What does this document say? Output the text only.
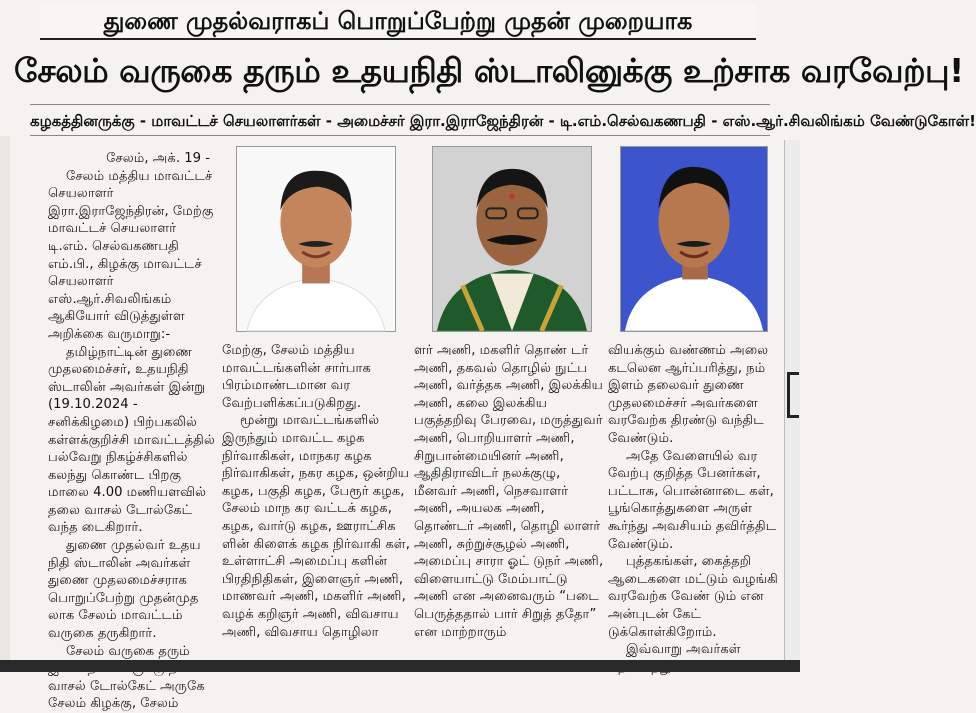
துணை முதல்வராகப் பொறுப்பேற்று முதன் முறையாக
சேலம் வருகை தரும் உதயநிதி ஸ்டாலினுக்கு உற்சாக வரவேற்பு!
கழகத்தினருக்கு - மாவட்டச் செயலாளர்கள் - அமைச்சர் இரா.இராஜேந்திரன் - டி.எம்.செல்வகணபதி - எஸ்.ஆர்.சிவலிங்கம் வேண்டுகோள்!

சேலம், அக். 19 -

சேலம் மத்திய மாவட்டச் செயலாளர் இரா.இராஜேந்திரன், மேற்கு மாவட்டச் செயலாளர் டி.எம். செல்வகணபதி எம்.பி., கிழக்கு மாவட்டச் செயலாளர் எஸ்.ஆர்.சிவலிங்கம் ஆகியோர் விடுத்துள்ள அறிக்கை வருமாறு:-

தமிழ்நாட்டின் துணை முதலமைச்சர், உதயநிதி ஸ்டாலின் அவர்கள் இன்று (19.10.2024 - சனிக்கிழமை) பிற்பகலில் கள்ளக்குறிச்சி மாவட்டத்தில் பல்வேறு நிகழ்ச்சிகளில் கலந்து கொண்ட பிறகு மாலை 4.00 மணியளவில் தலை வாசல் டோல்கேட் வந்த டைகிறார்.

துணை முதல்வர் உதய நிதி ஸ்டாலின் அவர்கள் துணை முதலமைச்சராக பொறுப்பேற்று முதன்முத லாக சேலம் மாவட்டம் வருகை தருகிறார்.

சேலம் வருகை தரும் வாசல் டோல்கேட் அருகே சேலம் கிழக்கு, சேலம்

மேற்கு, சேலம் மத்திய மாவட்டங்களின் சார்பாக பிரம்மாண்டமான வர வேற்பளிக்கப்படுகிறது.

மூன்று மாவட்டங்களில் இருந்தும் மாவட்ட கழக நிர்வாகிகள், மாநகர கழக நிர்வாகிகள், நகர கழக, ஒன்றிய கழக, பகுதி கழக, பேரூர் கழக, சேலம் மாந கர வட்டக் கழக, கழக, வார்டு கழக, ஊராட்சிக ளின் கிளைக் கழக நிர்வாகி கள், உள்ளாட்சி அமைப்பு களின் பிரதிநிதிகள், இளைஞர் அணி, மாணவர் அணி, மகளிர் அணி, வழக் கறிஞர் அணி, விவசாய அணி, விவசாய தொழிலா

ளர் அணி, மகளிர் தொண் டர் அணி, தகவல் தொழில் நுட்ப அணி, வர்த்தக அணி, இலக்கிய அணி, கலை இலக்கிய பகுத்தறிவு பேரவை, மருத்துவர் அணி, பொறியாளர் அணி, சிறுபான்மையினர் அணி, ஆதிதிராவிடர் நலக்குழு, மீனவர் அணி, நெசவாளர் அணி, அயலக அணி, தொண்டர் அணி, தொழி லாளர் அணி, சுற்றுச்சூழல் அணி, அமைப்பு சாரா ஓட் டுநர் அணி, விளையாட்டு மேம்பாட்டு அணி என அனைவரும் “படை பெருத்ததால் பார் சிறுத் ததோ” என மாற்றாரும்

வியக்கும் வண்ணம் அலை கடலென ஆர்ப்பரித்து, நம் இளம் தலைவர் துணை முதலமைச்சர் அவர்களை வரவேற்க திரண்டு வந்திட வேண்டும்.

அதே வேளையில் வர வேற்பு குறித்த பேனர்கள், பட்டாசு, பொன்னாடை கள், பூங்கொத்துகளை அருள் கூர்ந்து அவசியம் தவிர்த்திட வேண்டும்.

புத்தகங்கள், கைத்தறி ஆடைகளை மட்டும் வழங்கி வரவேற்க வேண் டும் என அன்புடன் கேட் டுக்கொள்கிறோம்.

இவ்வாறு அவர்கள்
